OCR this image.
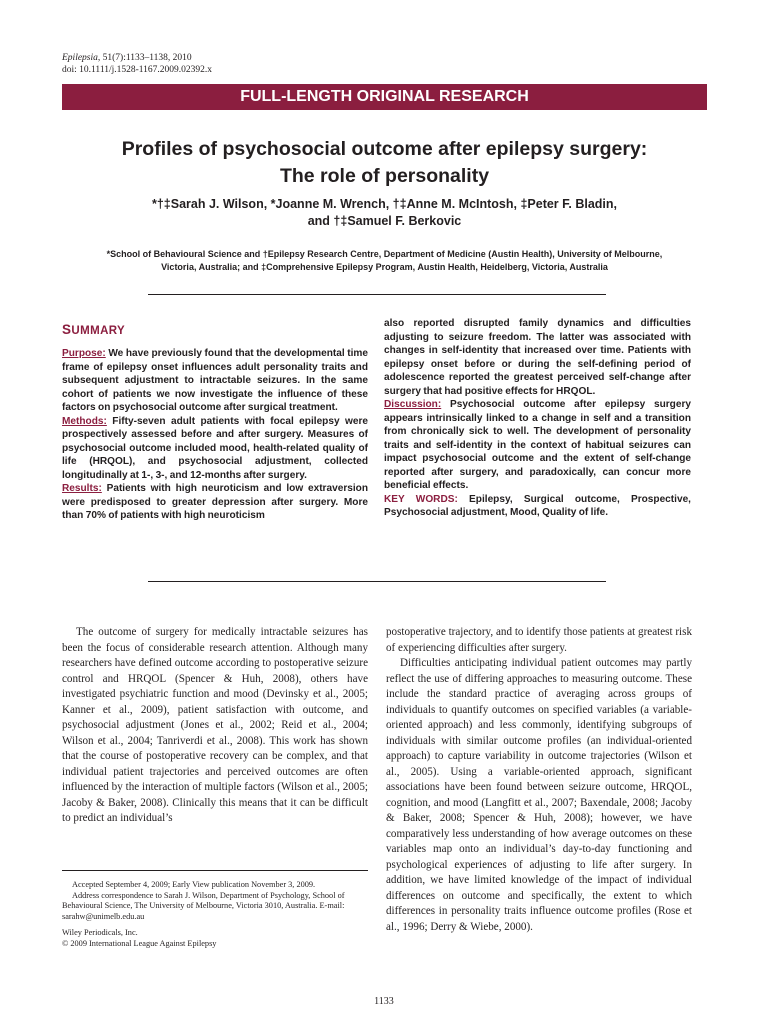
Epilepsia, 51(7):1133–1138, 2010
doi: 10.1111/j.1528-1167.2009.02392.x
FULL-LENGTH ORIGINAL RESEARCH
Profiles of psychosocial outcome after epilepsy surgery:
The role of personality
*†‡Sarah J. Wilson, *Joanne M. Wrench, †‡Anne M. McIntosh, ‡Peter F. Bladin,
and †‡Samuel F. Berkovic
*School of Behavioural Science and †Epilepsy Research Centre, Department of Medicine (Austin Health), University of Melbourne,
Victoria, Australia; and ‡Comprehensive Epilepsy Program, Austin Health, Heidelberg, Victoria, Australia
SUMMARY

Purpose: We have previously found that the developmental time frame of epilepsy onset influences adult personality traits and subsequent adjustment to intractable seizures. In the same cohort of patients we now investigate the influence of these factors on psychosocial outcome after surgical treatment.

Methods: Fifty-seven adult patients with focal epilepsy were prospectively assessed before and after surgery. Measures of psychosocial outcome included mood, health-related quality of life (HRQOL), and psychosocial adjustment, collected longitudinally at 1-, 3-, and 12-months after surgery.

Results: Patients with high neuroticism and low extraversion were predisposed to greater depression after surgery. More than 70% of patients with high neuroticism

also reported disrupted family dynamics and difficulties adjusting to seizure freedom. The latter was associated with changes in self-identity that increased over time. Patients with epilepsy onset before or during the self-defining period of adolescence reported the greatest perceived self-change after surgery that had positive effects for HRQOL.

Discussion: Psychosocial outcome after epilepsy surgery appears intrinsically linked to a change in self and a transition from chronically sick to well. The development of personality traits and self-identity in the context of habitual seizures can impact psychosocial outcome and the extent of self-change reported after surgery, and paradoxically, can concur more beneficial effects.

KEY WORDS: Epilepsy, Surgical outcome, Prospective, Psychosocial adjustment, Mood, Quality of life.

The outcome of surgery for medically intractable seizures has been the focus of considerable research attention. Although many researchers have defined outcome according to postoperative seizure control and HRQOL (Spencer & Huh, 2008), others have investigated psychiatric function and mood (Devinsky et al., 2005; Kanner et al., 2009), patient satisfaction with outcome, and psychosocial adjustment (Jones et al., 2002; Reid et al., 2004; Wilson et al., 2004; Tanriverdi et al., 2008). This work has shown that the course of postoperative recovery can be complex, and that individual patient trajectories and perceived outcomes are often influenced by the interaction of multiple factors (Wilson et al., 2005; Jacoby & Baker, 2008). Clinically this means that it can be difficult to predict an individual’s

postoperative trajectory, and to identify those patients at greatest risk of experiencing difficulties after surgery.

Difficulties anticipating individual patient outcomes may partly reflect the use of differing approaches to measuring outcome. These include the standard practice of averaging across groups of individuals to quantify outcomes on specified variables (a variable-oriented approach) and less commonly, identifying subgroups of individuals with similar outcome profiles (an individual-oriented approach) to capture variability in outcome trajectories (Wilson et al., 2005). Using a variable-oriented approach, significant associations have been found between seizure outcome, HRQOL, cognition, and mood (Langfitt et al., 2007; Baxendale, 2008; Jacoby & Baker, 2008; Spencer & Huh, 2008); however, we have comparatively less understanding of how average outcomes on these variables map onto an individual’s day-to-day functioning and psychological experiences of adjusting to life after surgery. In addition, we have limited knowledge of the impact of individual differences on outcome and specifically, the extent to which differences in personality traits influence outcome profiles (Rose et al., 1996; Derry & Wiebe, 2000).

Accepted September 4, 2009; Early View publication November 3, 2009.

Address correspondence to Sarah J. Wilson, Department of Psychology, School of Behavioural Science, The University of Melbourne, Victoria 3010, Australia. E-mail: sarahw@unimelb.edu.au

Wiley Periodicals, Inc.

© 2009 International League Against Epilepsy

1133
